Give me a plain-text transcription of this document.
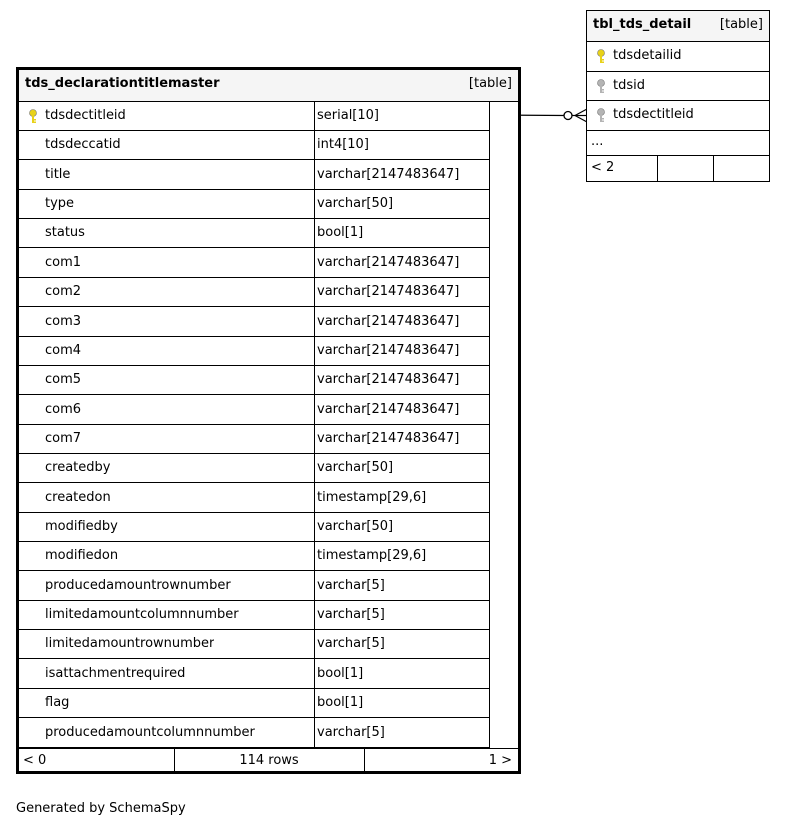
tds_declarationtitlemaster	[table]
tdsdectitleid	serial[10]
tdsdeccatid	int4[10]
title	varchar[2147483647]
type	varchar[50]
status	bool[1]
com1	varchar[2147483647]
com2	varchar[2147483647]
com3	varchar[2147483647]
com4	varchar[2147483647]
com5	varchar[2147483647]
com6	varchar[2147483647]
com7	varchar[2147483647]
createdby	varchar[50]
createdon	timestamp[29,6]
modifiedby	varchar[50]
modifiedon	timestamp[29,6]
producedamountrownumber	varchar[5]
limitedamountcolumnnumber	varchar[5]
limitedamountrownumber	varchar[5]
isattachmentrequired	bool[1]
flag	bool[1]
producedamountcolumnnumber	varchar[5]
< 0	114 rows	1 >
tbl_tds_detail [table]
tdsdetailid
tdsid
tdsdectitleid
...
< 2
Generated by SchemaSpy
